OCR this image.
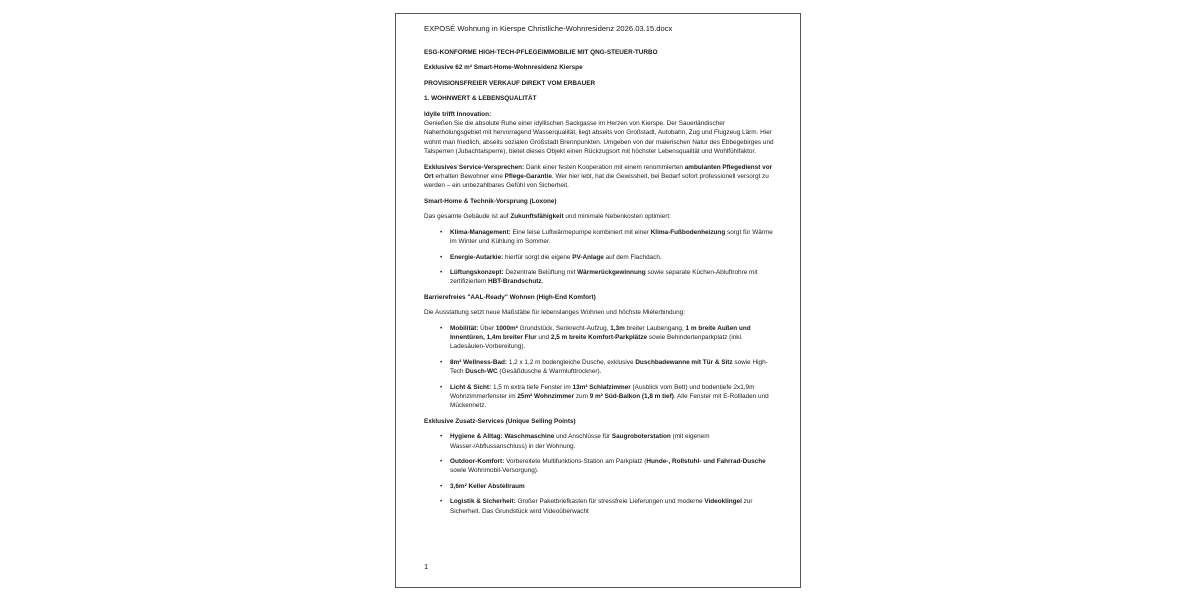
EXPOSÉ Wohnung in Kierspe Christliche-Wohnresidenz 2026.03.15.docx
ESG-KONFORME HIGH-TECH-PFLEGEIMMOBILIE MIT QNG-STEUER-TURBO
Exklusive 62 m² Smart-Home-Wohnresidenz Kierspe
PROVISIONSFREIER VERKAUF DIREKT VOM ERBAUER
1. WOHNWERT & LEBENSQUALITÄT
Idylle trifft Innovation:
Genießen Sie die absolute Ruhe einer idyllischen Sackgasse im Herzen von Kierspe. Der Sauerländischer Naherholungsgebiet mit hervorragend Wasserqualität, liegt abseits von Großstadt, Autobahn, Zug und Flugzeug Lärm. Hier wohnt man friedlich, abseits sozialen Großstadt Brennpunkten. Umgeben von der malerischen Natur des Ebbegebirges und Talsperren (Jubachtalsperre), bietet dieses Objekt einen Rückzugsort mit höchster Lebensqualität und Wohlfühlfaktor.
Exklusives Service-Versprechen: Dank einer festen Kooperation mit einem renommierten ambulanten Pflegedienst vor Ort erhalten Bewohner eine Pflege-Garantie. Wer hier lebt, hat die Gewissheit, bei Bedarf sofort professionell versorgt zu werden – ein unbezahlbares Gefühl von Sicherheit.
Smart-Home & Technik-Vorsprung (Loxone)
Das gesamte Gebäude ist auf Zukunftsfähigkeit und minimale Nebenkosten optimiert:
• Klima-Management: Eine leise Luftwärmepumpe kombiniert mit einer Klima-Fußbodenheizung sorgt für Wärme im Winter und Kühlung im Sommer.
• Energie-Autarkie: hierfür sorgt die eigene PV-Anlage auf dem Flachdach.
• Lüftungskonzept: Dezentrale Belüftung mit Wärmerückgewinnung sowie separate Küchen-Abluftrohre mit zertifiziertem HBT-Brandschutz.
Barrierefreies "AAL-Ready" Wohnen (High-End Komfort)
Die Ausstattung setzt neue Maßstäbe für lebenslanges Wohnen und höchste Mieterbindung:
• Mobilität: Über 1000m² Grundstück, Senkrecht-Aufzug, 1,3m breiter Laubengang, 1 m breite Außen und Innentüren, 1,4m breiter Flur und 2,5 m breite Komfort-Parkplätze sowie Behindertenparkplatz (inkl. Ladesäulen-Vorbereitung).
• 8m² Wellness-Bad: 1,2 x 1,2 m bodengleiche Dusche, exklusive Duschbadewanne mit Tür & Sitz sowie High-Tech Dusch-WC (Gesäßdusche & Warmlufttrockner).
• Licht & Sicht: 1,5 m extra tiefe Fenster im 13m² Schlafzimmer (Ausblick vom Bett) und bodentiefe 2x1,9m Wohnzimmerfenster im 25m² Wohnzimmer zum 9 m² Süd-Balkon (1,8 m tief). Alle Fenster mit E-Rollladen und Mückennetz.
Exklusive Zusatz-Services (Unique Selling Points)
• Hygiene & Alltag: Waschmaschine und Anschlüsse für Saugroboterstation (mit eigenem Wasser-/Abflussanschluss) in der Wohnung.
• Outdoor-Komfort: Vorbereitete Multifunktions-Station am Parkplatz (Hunde-, Rollstuhl- und Fahrrad-Dusche sowie Wohnmobil-Versorgung).
• 3,6m² Keller Abstellraum
• Logistik & Sicherheit: Großer Paketbriefkasten für stressfreie Lieferungen und moderne Videoklingel zur Sicherheit. Das Grundstück wird Videoüberwacht
1
